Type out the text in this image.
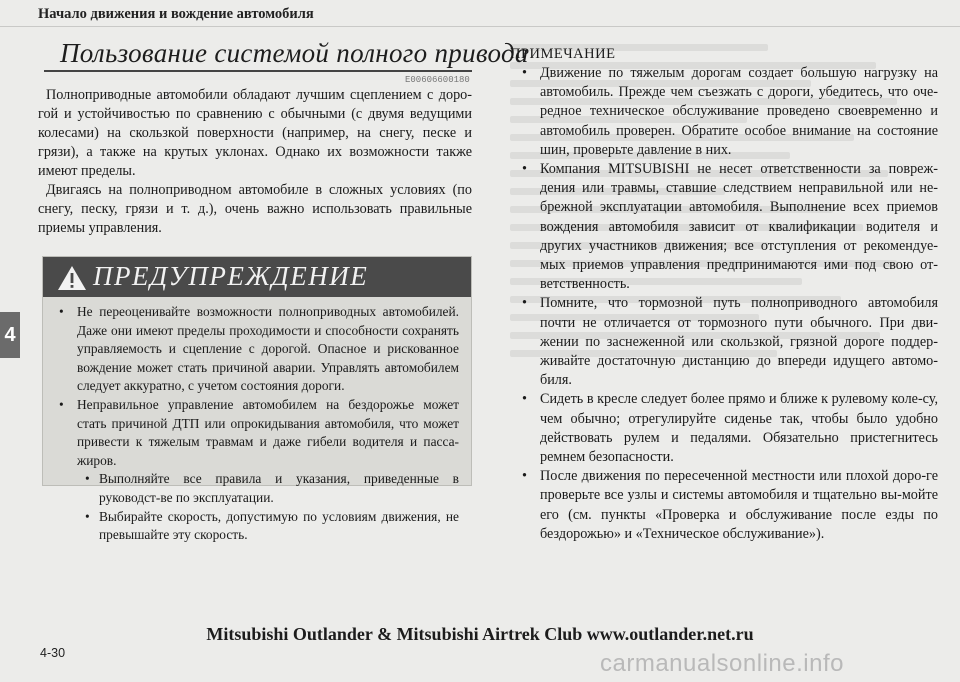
Начало движения и вождение автомобиля
Пользование системой полного привода
E00606600180

Полноприводные автомобили обладают лучшим сцеплением с доро-гой и устойчивостью по сравнению с обычными (с двумя ведущими колесами) на скользкой поверхности (например, на снегу, песке и грязи), а также на крутых уклонах. Однако их возможности также имеют пределы.

Двигаясь на полноприводном автомобиле в сложных условиях (по снегу, песку, грязи и т. д.), очень важно использовать правильные приемы управления.

ПРЕДУПРЕЖДЕНИЕ
• Не переоценивайте возможности полноприводных автомобилей. Даже они имеют пределы проходимости и способности сохранять управляемость и сцепление с дорогой. Опасное и рискованное вождение может стать причиной аварии. Управлять автомобилем следует аккуратно, с учетом состояния дороги.
• Неправильное управление автомобилем на бездорожье может стать причиной ДТП или опрокидывания автомобиля, что может привести к тяжелым травмам и даже гибели водителя и пасса-жиров.
• Выполняйте все правила и указания, приведенные в руководст-ве по эксплуатации.
• Выбирайте скорость, допустимую по условиям движения, не превышайте эту скорость.
4
ПРИМЕЧАНИЕ
• Движение по тяжелым дорогам создает большую нагрузку на автомобиль. Прежде чем съезжать с дороги, убедитесь, что оче-редное техническое обслуживание проведено своевременно и автомобиль проверен. Обратите особое внимание на состояние шин, проверьте давление в них.
• Компания MITSUBISHI не несет ответственности за повреж-дения или травмы, ставшие следствием неправильной или не-брежной эксплуатации автомобиля. Выполнение всех приемов вождения автомобиля зависит от квалификации водителя и других участников движения; все отступления от рекомендуе-мых приемов управления предпринимаются ими под свою от-ветственность.
• Помните, что тормозной путь полноприводного автомобиля почти не отличается от тормозного пути обычного. При дви-жении по заснеженной или скользкой, грязной дороге поддер-живайте достаточную дистанцию до впереди идущего автомо-биля.
• Сидеть в кресле следует более прямо и ближе к рулевому коле-су, чем обычно; отрегулируйте сиденье так, чтобы было удобно действовать рулем и педалями. Обязательно пристегнитесь ремнем безопасности.
• После движения по пересеченной местности или плохой доро-ге проверьте все узлы и системы автомобиля и тщательно вы-мойте его (см. пункты «Проверка и обслуживание после езды по бездорожью» и «Техническое обслуживание»).
Mitsubishi Outlander & Mitsubishi Airtrek Club www.outlander.net.ru
4-30	carmanualsonline.info
